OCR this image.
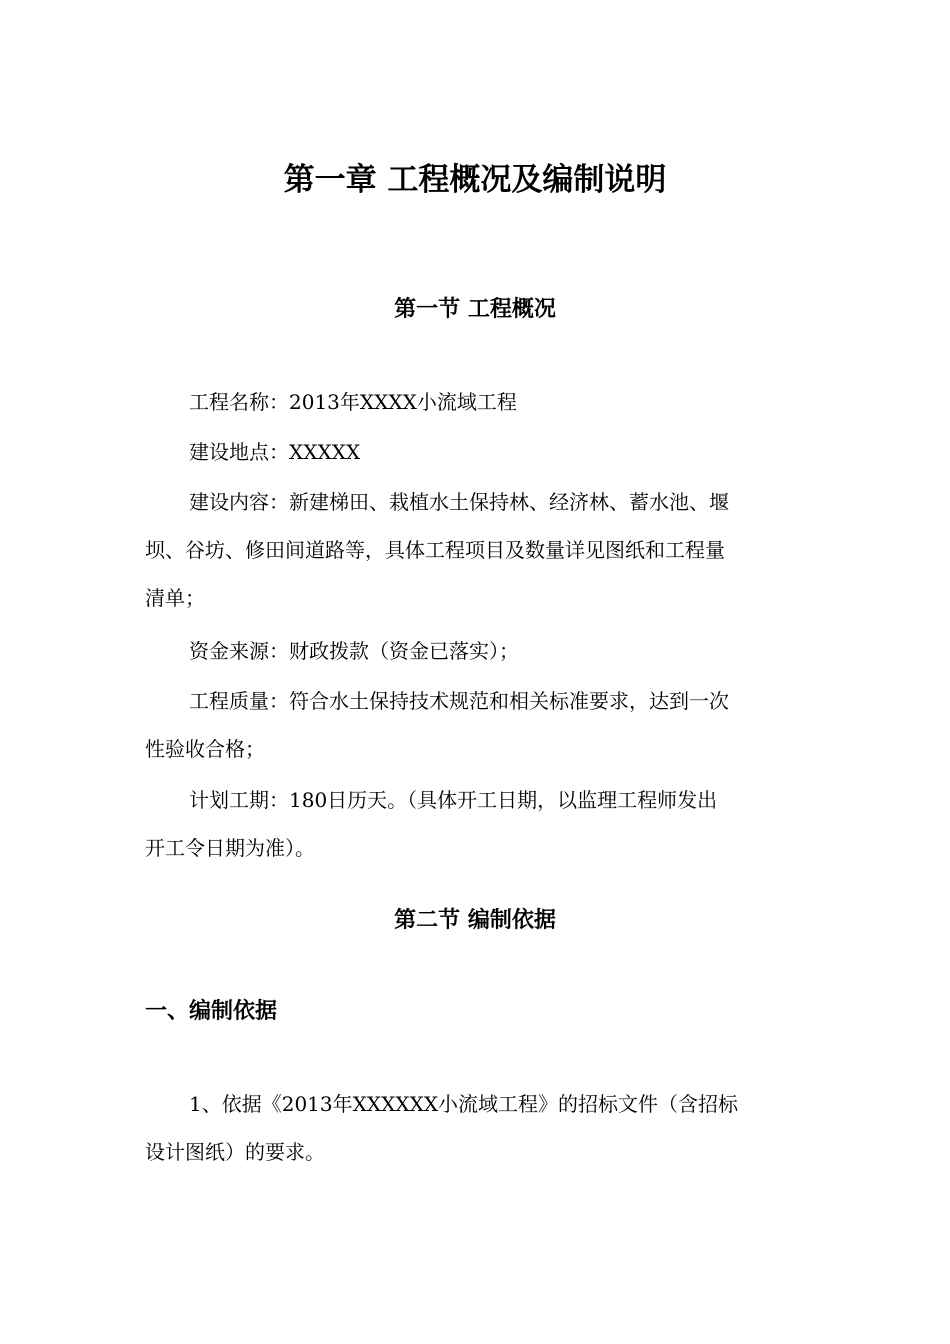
第一章 工程概况及编制说明
第一节 工程概况

工程名称：2013年XXXX小流域工程

建设地点：XXXXX

建设内容：新建梯田、栽植水土保持林、经济林、蓄水池、堰
坝、谷坊、修田间道路等，具体工程项目及数量详见图纸和工程量
清单；

资金来源：财政拨款（资金已落实）；

工程质量：符合水土保持技术规范和相关标准要求，达到一次
性验收合格；

计划工期：180日历天。（具体开工日期，以监理工程师发出
开工令日期为准）。

第二节 编制依据
一、编制依据

1、依据《2013年XXXXXX小流域工程》的招标文件（含招标
设计图纸）的要求。
